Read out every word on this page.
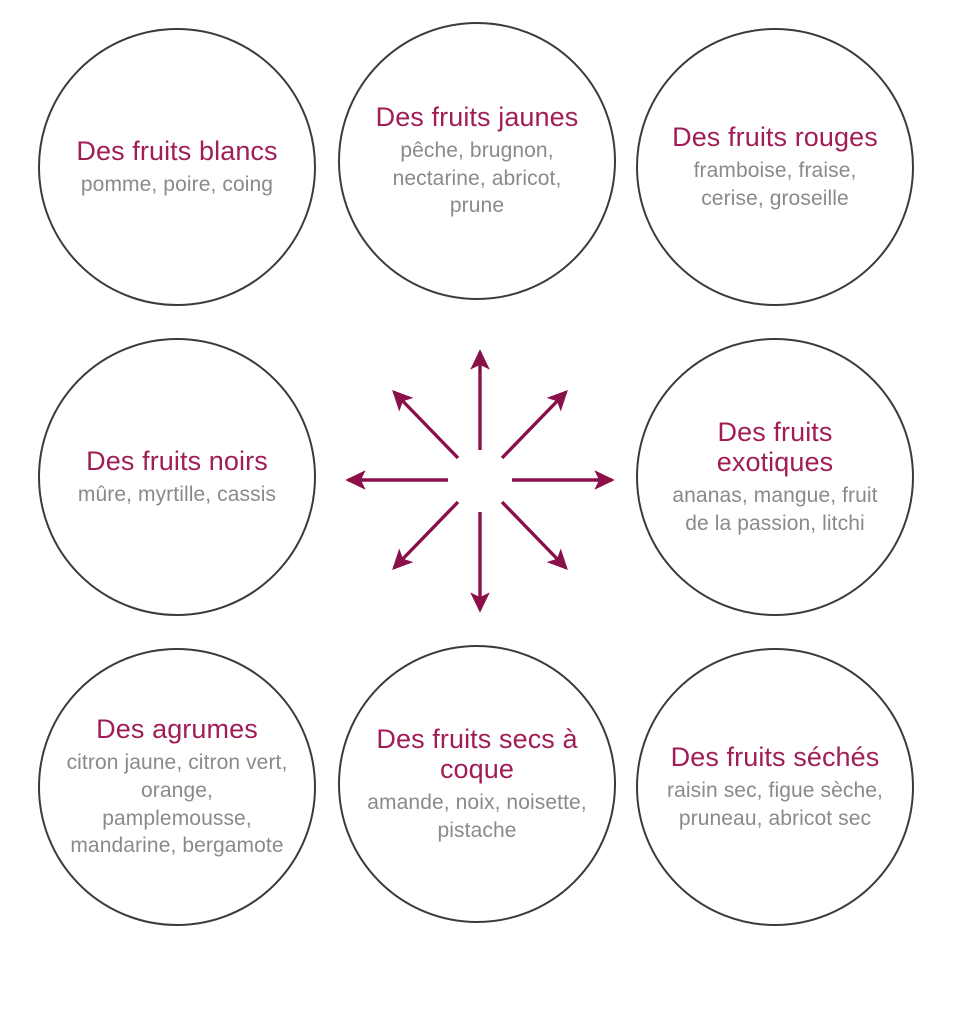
Des fruits blancs
pomme, poire, coing
Des fruits jaunes
pêche, brugnon, nectarine, abricot, prune
Des fruits rouges
framboise, fraise, cerise, groseille
Des fruits noirs
mûre, myrtille, cassis
Des fruits exotiques
ananas, mangue, fruit de la passion, litchi
Des agrumes
citron jaune, citron vert, orange, pamplemousse, mandarine, bergamote
Des fruits secs à coque
amande, noix, noisette, pistache
Des fruits séchés
raisin sec, figue sèche, pruneau, abricot sec
